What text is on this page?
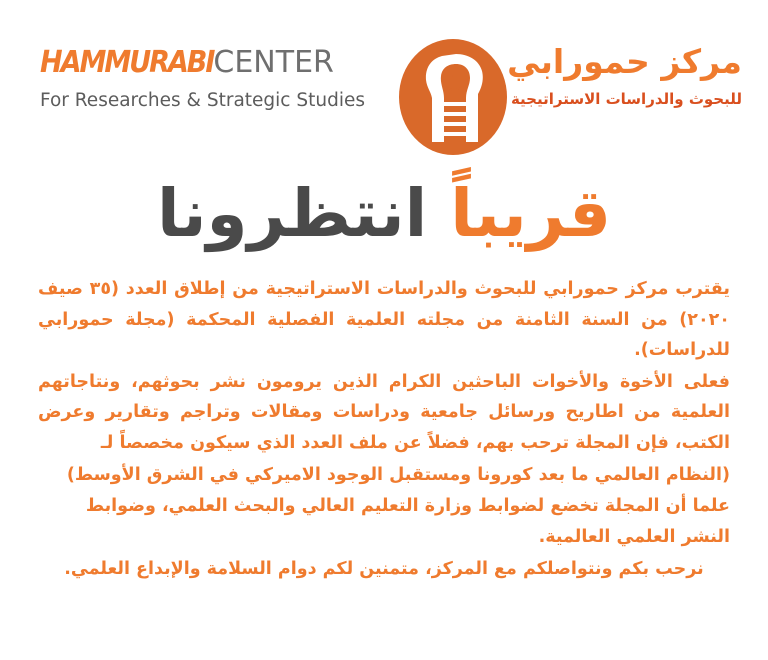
HAMMURABICENTER
For Researches & Strategic Studies
مركز حمورابي
للبحوث والدراسات الاستراتيجية
قريباً انتظرونا

يقترب مركز حمورابي للبحوث والدراسات الاستراتيجية من إطلاق العدد (٣٥ صيف ٢٠٢٠) من السنة الثامنة من مجلته العلمية الفصلية المحكمة (مجلة حمورابي للدراسات).

فعلى الأخوة والأخوات الباحثين الكرام الذين يرومون نشر بحوثهم، ونتاجاتهم العلمية من اطاريح ورسائل جامعية ودراسات ومقالات وتراجم وتقارير وعرض الكتب، فإن المجلة ترحب بهم، فضلاً عن ملف العدد الذي سيكون مخصصاً لـ

(النظام العالمي ما بعد كورونا ومستقبل الوجود الاميركي في الشرق الأوسط)

علما أن المجلة تخضع لضوابط وزارة التعليم العالي والبحث العلمي، وضوابط النشر العلمي العالمية.

نرحب بكم ونتواصلكم مع المركز، متمنين لكم دوام السلامة والإبداع العلمي.
